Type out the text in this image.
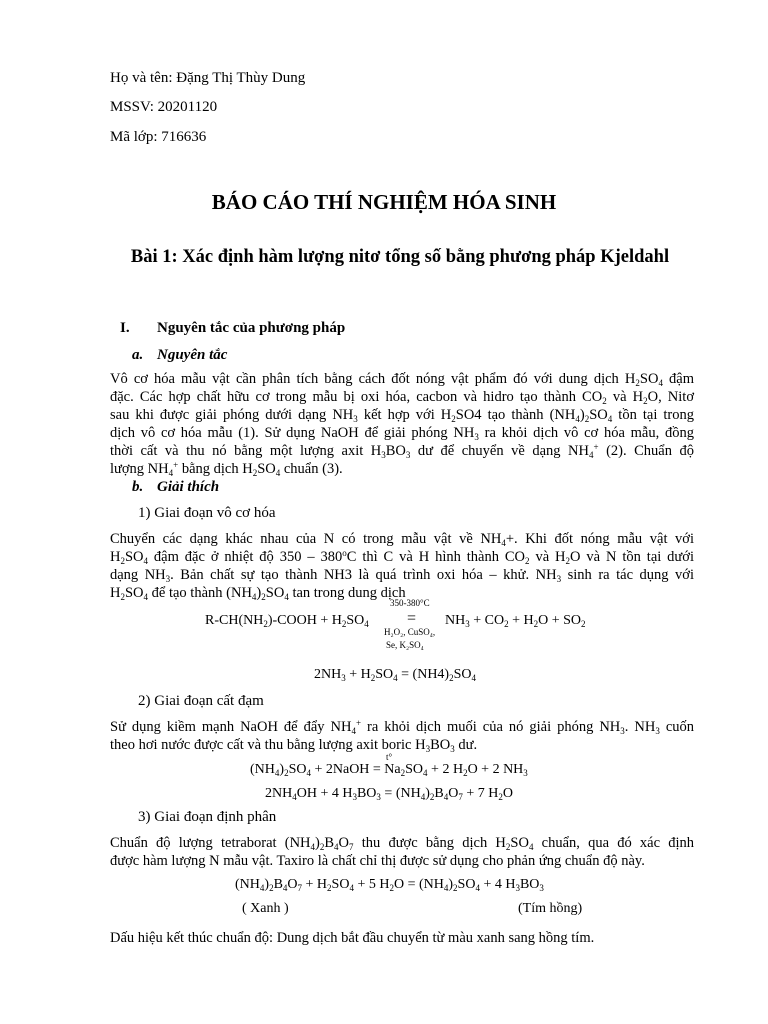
Họ và tên: Đặng Thị Thùy Dung
MSSV: 20201120
Mã lớp: 716636
BÁO CÁO THÍ NGHIỆM HÓA SINH
Bài 1: Xác định hàm lượng nitơ tổng số bằng phương pháp Kjeldahl
I. Nguyên tắc của phương pháp
a. Nguyên tắc
Vô cơ hóa mẫu vật cần phân tích bằng cách đốt nóng vật phẩm đó với dung dịch $H_2SO_4$ đậm
đặc. Các hợp chất hữu cơ trong mẫu bị oxi hóa, cacbon và hidro tạo thành $CO_2$ và $H_2O$, Nitơ
sau khi được giải phóng dưới dạng $NH_3$ kết hợp với $H_2SO4$ tạo thành $(NH_4)_2SO_4$ tồn tại trong
dịch vô cơ hóa mẫu (1). Sử dụng NaOH để giải phóng $NH_3$ ra khỏi dịch vô cơ hóa mẫu, đồng
thời cất và thu nó bằng một lượng axit $H_3BO_3$ dư để chuyển về dạng $NH_4^+$ (2). Chuẩn độ
lượng $NH_4^+$ bằng dịch $H_2SO_4$ chuẩn (3).
b. Giải thích
1) Giai đoạn vô cơ hóa
Chuyển các dạng khác nhau của N có trong mẫu vật về $NH_4+$. Khi đốt nóng mẫu vật với
$H_2SO_4$ đậm đặc ở nhiệt độ 350 – 380$^o$C thì C và H hình thành $CO_2$ và $H_2O$ và N tồn tại dưới
dạng $NH_3$. Bản chất sự tạo thành NH3 là quá trình oxi hóa – khử. $NH_3$ sinh ra tác dụng với
$H_2SO_4$ để tạo thành $(NH_4)_2SO_4$ tan trong dung dịch
350-380°C
$R-CH(NH_2)$-COOH + $H_2SO_4 = NH_3 + CO_2 + H_2O + SO_2$
H₂O₂, CuSO₄,
Se, K₂SO₄
$2NH_3 + H_2SO_4 = (NH4)_2SO_4$
2) Giai đoạn cất đạm
Sử dụng kiềm mạnh NaOH để đẩy $NH_4^+$ ra khỏi dịch muối của nó giải phóng $NH_3$. $NH_3$ cuốn
theo hơi nước được cất và thu bằng lượng axit boric $H_3BO_3$ dư.
t°
$(NH_4)_2SO_4$ + 2NaOH = $Na_2SO_4 + 2$ $H_2O + 2$ $NH_3$
$2NH_4OH + 4$ $H_3BO_3 = (NH_4)_2B_4O_7 + 7$ $H_2O$
3) Giai đoạn định phân
Chuẩn độ lượng tetraborat $(NH_4)_2B_4O_7$ thu được bằng dịch $H_2SO_4$ chuẩn, qua đó xác định
được hàm lượng N mẫu vật. Taxiro là chất chỉ thị được sử dụng cho phản ứng chuẩn độ này.
$(NH_4)_2B_4O_7 + H_2SO_4 + 5$ $H_2O = (NH_4)_2SO_4 + 4$ $H_3BO_3$
( Xanh )	(Tím hồng)
Dấu hiệu kết thúc chuẩn độ: Dung dịch bắt đầu chuyển từ màu xanh sang hồng tím.
